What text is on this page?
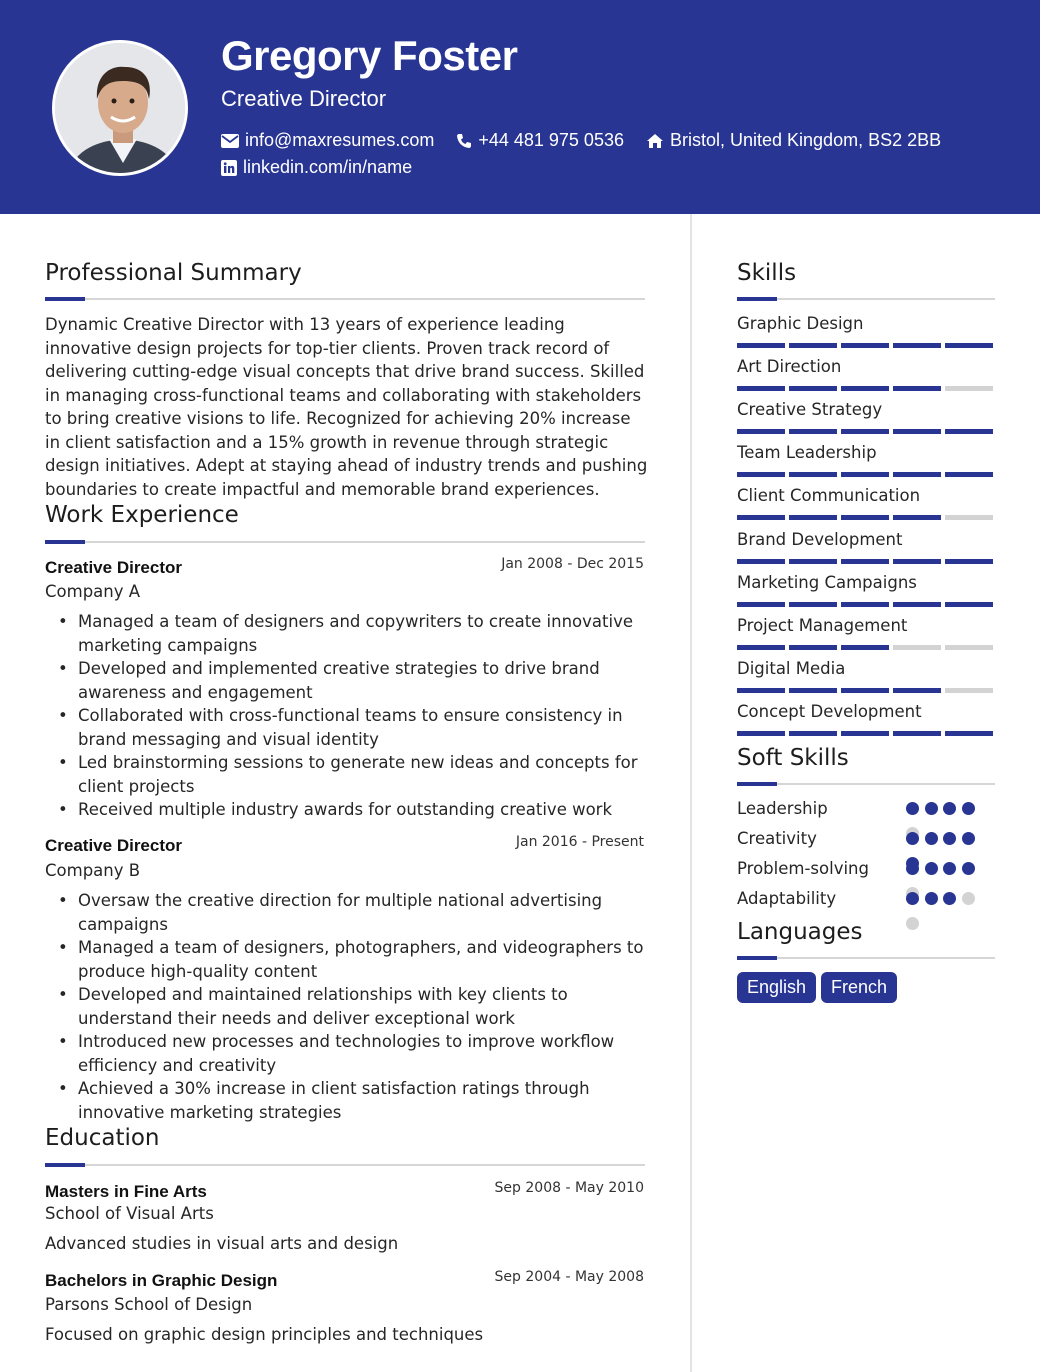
Gregory Foster
Creative Director
info@maxresumes.com +44 481 975 0536	Bristol, United Kingdom, BS2 2BB
linkedin.com/in/name
Professional Summary
Dynamic Creative Director with 13 years of experience leading innovative design projects for top-tier clients. Proven track record of delivering cutting-edge visual concepts that drive brand success. Skilled in managing cross-functional teams and collaborating with stakeholders to bring creative visions to life. Recognized for achieving 20% increase in client satisfaction and a 15% growth in revenue through strategic design initiatives. Adept at staying ahead of industry trends and pushing boundaries to create impactful and memorable brand experiences.
Work Experience
Creative Director	Jan 2008 - Dec 2015
Company A
• Managed a team of designers and copywriters to create innovative marketing campaigns
• Developed and implemented creative strategies to drive brand awareness and engagement
• Collaborated with cross-functional teams to ensure consistency in brand messaging and visual identity
• Led brainstorming sessions to generate new ideas and concepts for client projects
• Received multiple industry awards for outstanding creative work
Creative Director	Jan 2016 - Present
Company B
• Oversaw the creative direction for multiple national advertising campaigns
• Managed a team of designers, photographers, and videographers to produce high-quality content
• Developed and maintained relationships with key clients to understand their needs and deliver exceptional work
• Introduced new processes and technologies to improve workflow efficiency and creativity
• Achieved a 30% increase in client satisfaction ratings through innovative marketing strategies
Education
Masters in Fine Arts	Sep 2008 - May 2010
School of Visual Arts
Advanced studies in visual arts and design
Bachelors in Graphic Design	Sep 2004 - May 2008
Parsons School of Design
Focused on graphic design principles and techniques
Skills
Graphic Design
Art Direction
Creative Strategy
Team Leadership
Client Communication
Brand Development
Marketing Campaigns
Project Management
Digital Media
Concept Development
Soft Skills
Leadership
Creativity
Problem-solving
Adaptability
Languages
English	French
